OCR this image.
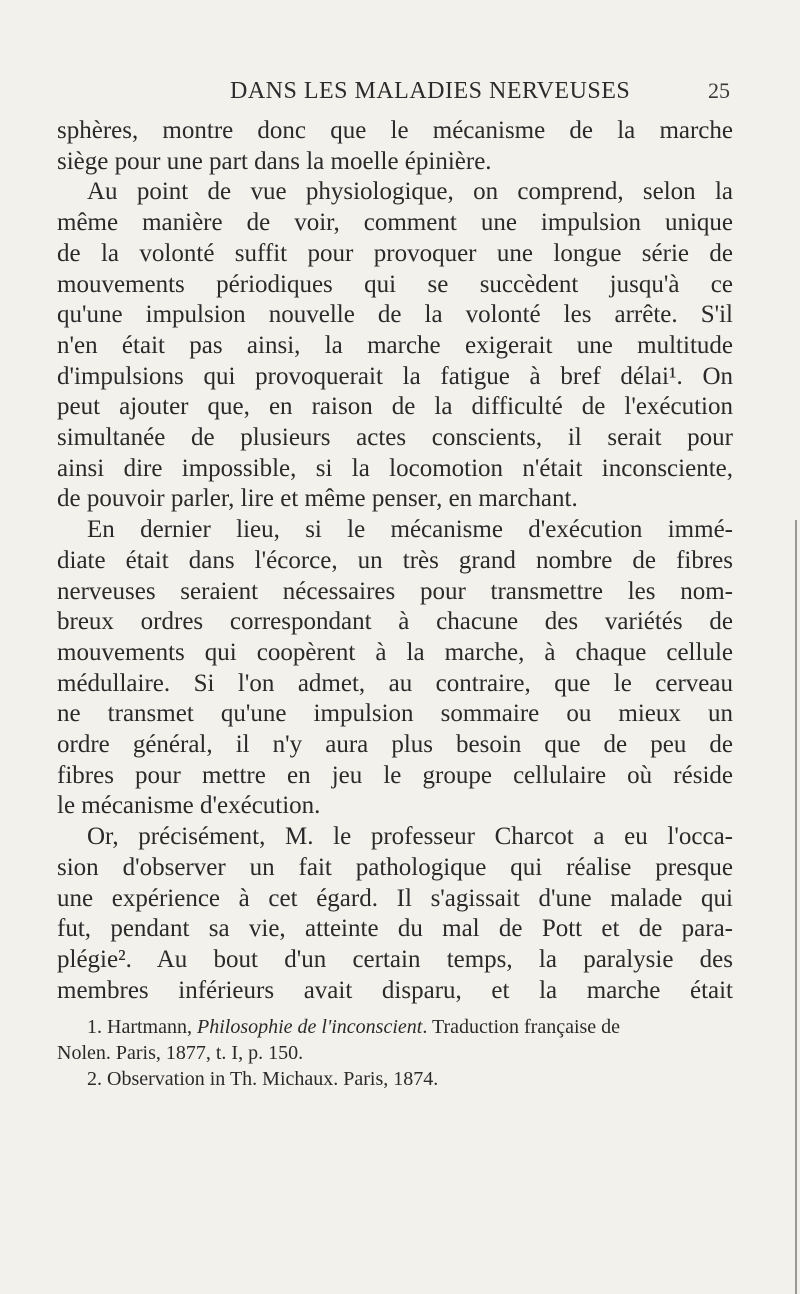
DANS LES MALADIES NERVEUSES	25
sphères, montre donc que le mécanisme de la marche
siège pour une part dans la moelle épinière.
Au point de vue physiologique, on comprend, selon la
même manière de voir, comment une impulsion unique
de la volonté suffit pour provoquer une longue série de
mouvements périodiques qui se succèdent jusqu'à ce
qu'une impulsion nouvelle de la volonté les arrête. S'il
n'en était pas ainsi, la marche exigerait une multitude
d'impulsions qui provoquerait la fatigue à bref délai¹. On
peut ajouter que, en raison de la difficulté de l'exécution
simultanée de plusieurs actes conscients, il serait pour
ainsi dire impossible, si la locomotion n'était inconsciente,
de pouvoir parler, lire et même penser, en marchant.
En dernier lieu, si le mécanisme d'exécution immé-
diate était dans l'écorce, un très grand nombre de fibres
nerveuses seraient nécessaires pour transmettre les nom-
breux ordres correspondant à chacune des variétés de
mouvements qui coopèrent à la marche, à chaque cellule
médullaire. Si l'on admet, au contraire, que le cerveau
ne transmet qu'une impulsion sommaire ou mieux un
ordre général, il n'y aura plus besoin que de peu de
fibres pour mettre en jeu le groupe cellulaire où réside
le mécanisme d'exécution.
Or, précisément, M. le professeur Charcot a eu l'occa-
sion d'observer un fait pathologique qui réalise presque
une expérience à cet égard. Il s'agissait d'une malade qui
fut, pendant sa vie, atteinte du mal de Pott et de para-
plégie². Au bout d'un certain temps, la paralysie des
membres inférieurs avait disparu, et la marche était
1. Hartmann, Philosophie de l'inconscient. Traduction française de
Nolen. Paris, 1877, t. I, p. 150.
2. Observation in Th. Michaux. Paris, 1874.
